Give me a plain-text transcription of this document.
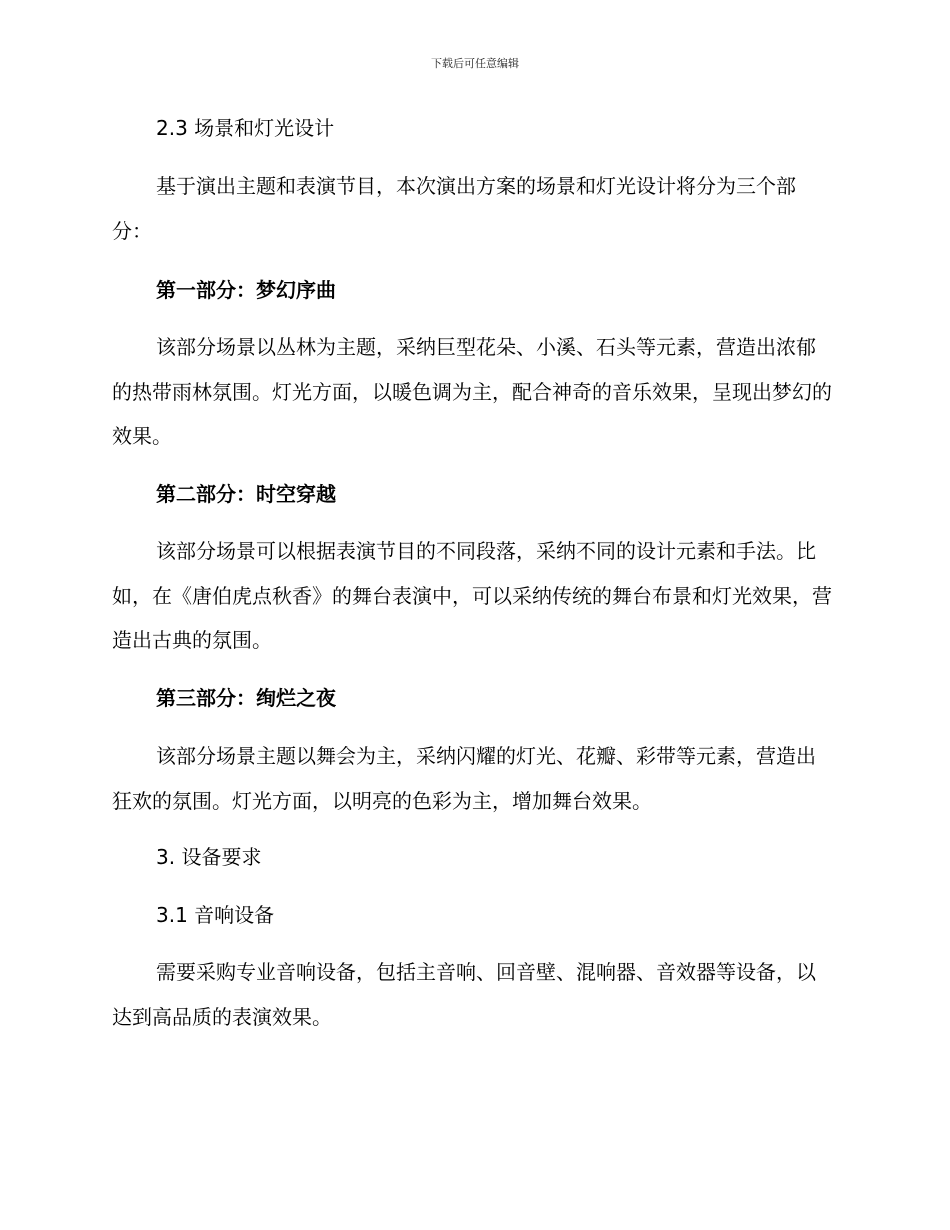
下载后可任意编辑
2.3 场景和灯光设计

基于演出主题和表演节目，本次演出方案的场景和灯光设计将分为三个部分：

第一部分：梦幻序曲

该部分场景以丛林为主题，采纳巨型花朵、小溪、石头等元素，营造出浓郁的热带雨林氛围。灯光方面，以暖色调为主，配合神奇的音乐效果，呈现出梦幻的效果。

第二部分：时空穿越

该部分场景可以根据表演节目的不同段落，采纳不同的设计元素和手法。比如，在《唐伯虎点秋香》的舞台表演中，可以采纳传统的舞台布景和灯光效果，营造出古典的氛围。

第三部分：绚烂之夜

该部分场景主题以舞会为主，采纳闪耀的灯光、花瓣、彩带等元素，营造出狂欢的氛围。灯光方面，以明亮的色彩为主，增加舞台效果。

3. 设备要求
3.1 音响设备

需要采购专业音响设备，包括主音响、回音壁、混响器、音效器等设备，以达到高品质的表演效果。
